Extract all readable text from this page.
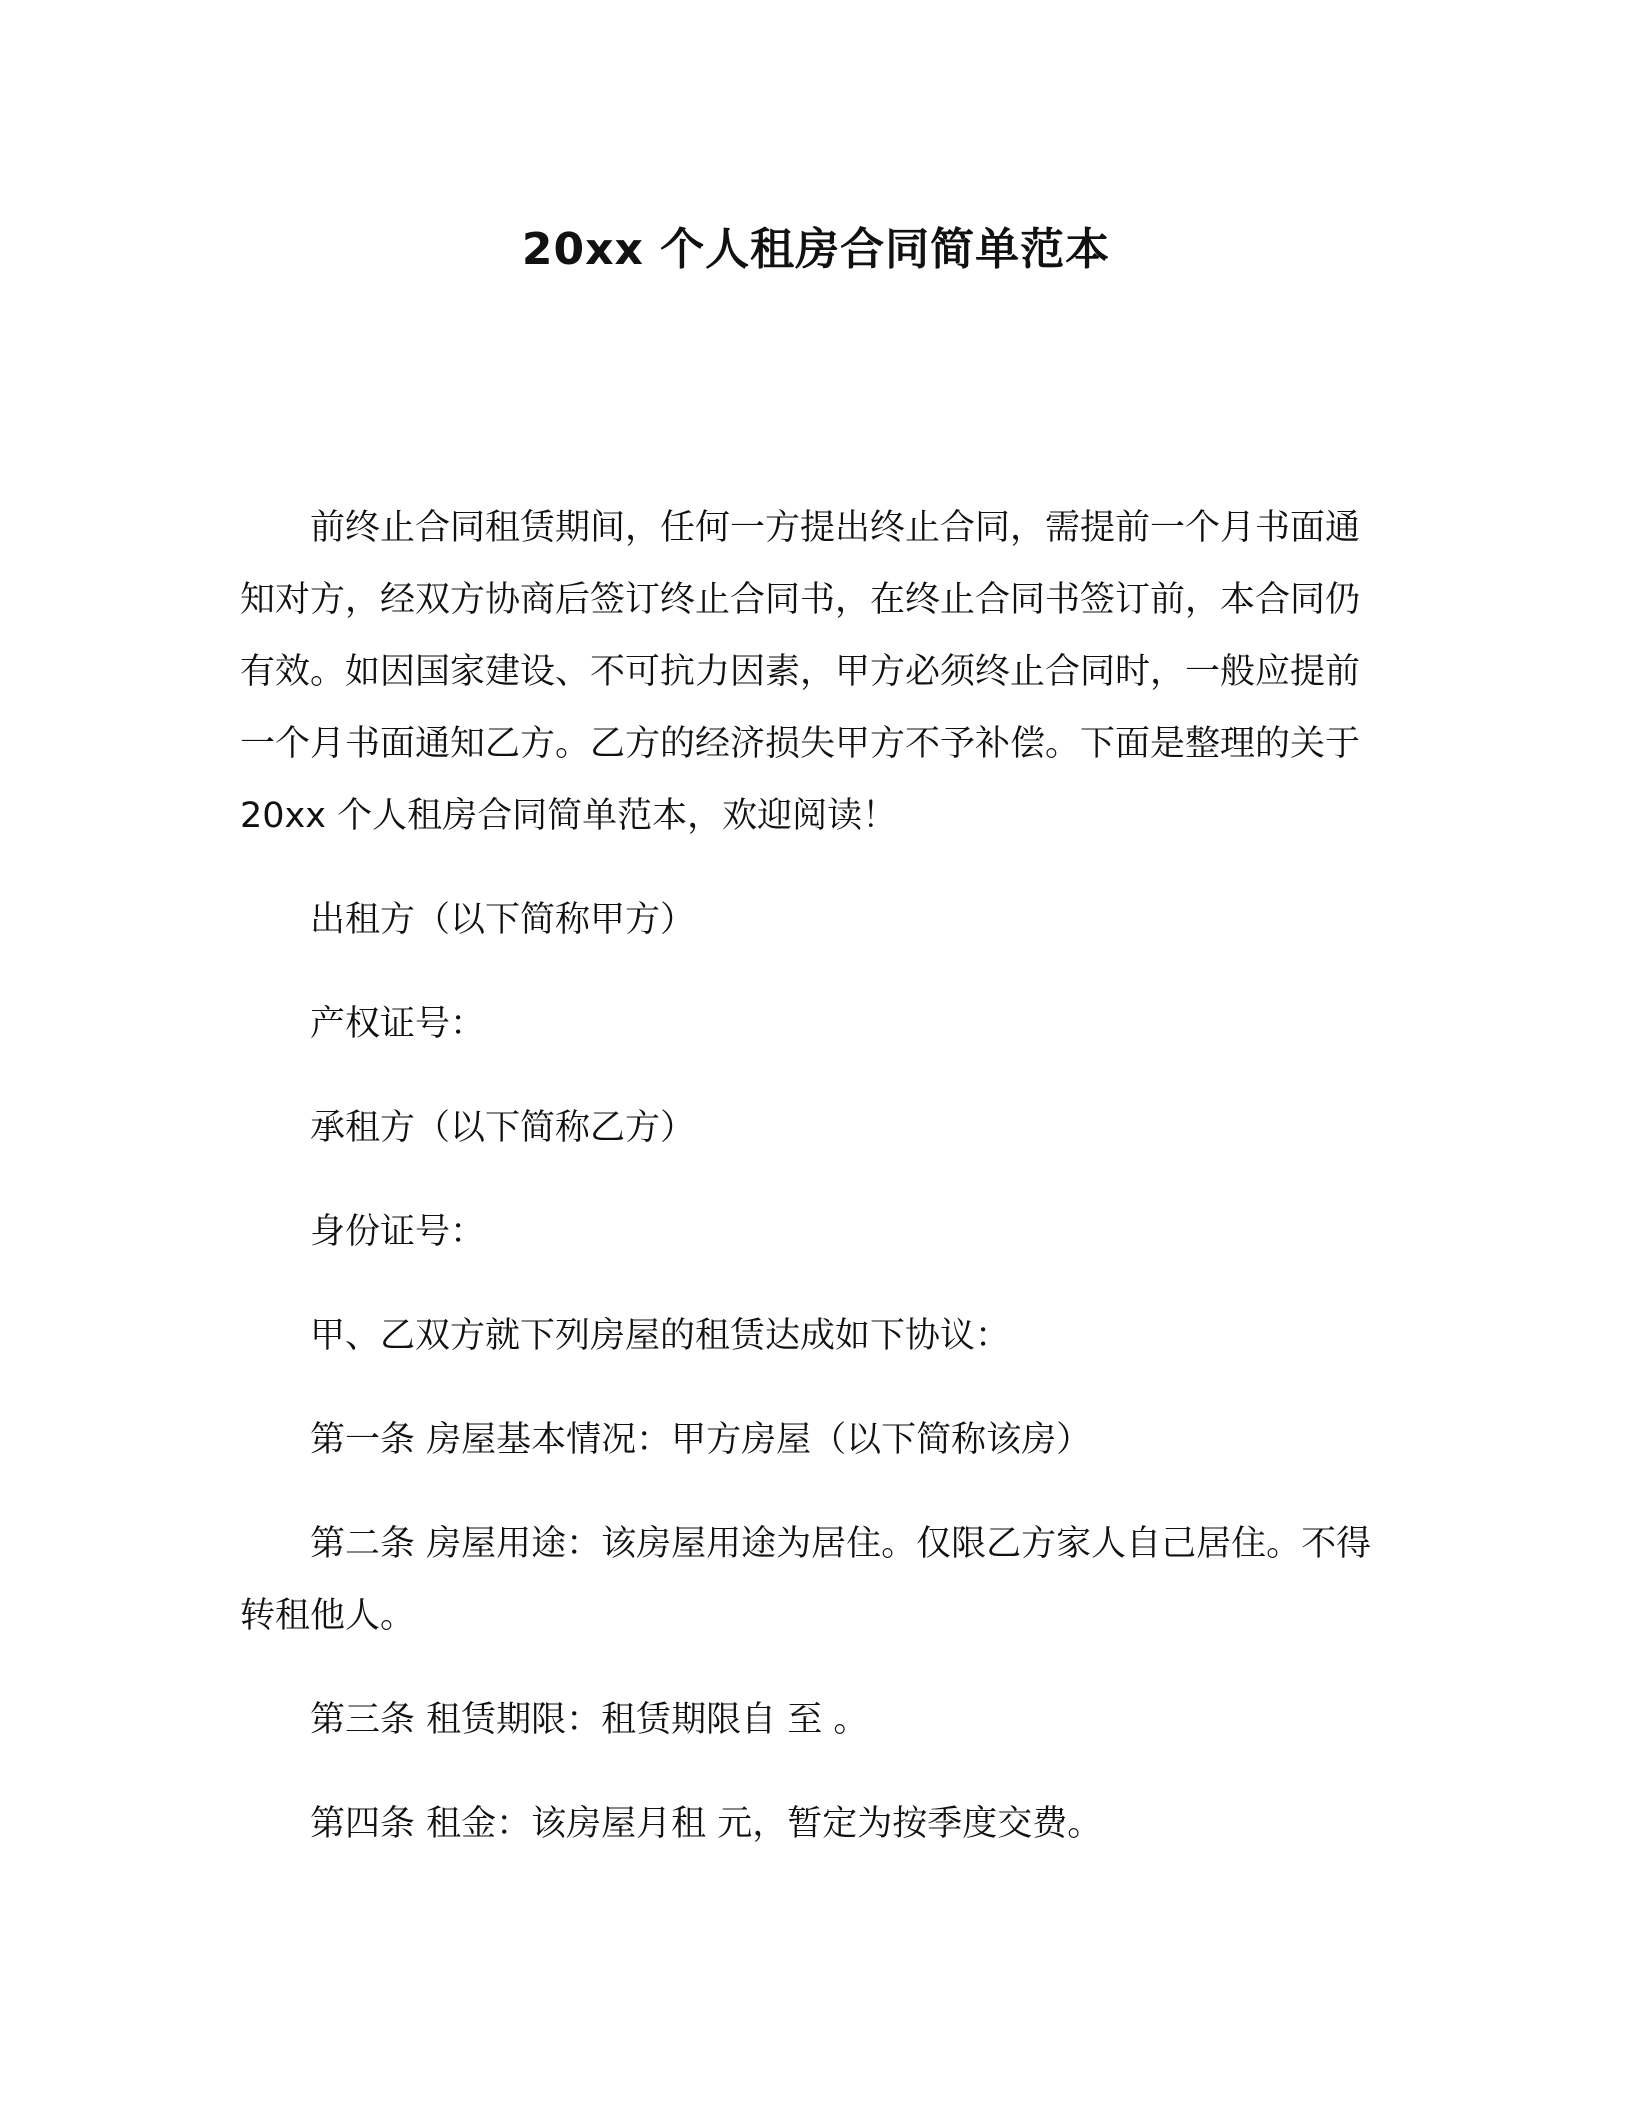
20xx 个人租房合同简单范本

前终止合同租赁期间，任何一方提出终止合同，需提前一个月书面通知对方，经双方协商后签订终止合同书，在终止合同书签订前，本合同仍有效。如因国家建设、不可抗力因素，甲方必须终止合同时，一般应提前一个月书面通知乙方。乙方的经济损失甲方不予补偿。下面是整理的关于 20xx 个人租房合同简单范本，欢迎阅读！

出租方（以下简称甲方）

产权证号：

承租方（以下简称乙方）

身份证号：

甲、乙双方就下列房屋的租赁达成如下协议：

第一条 房屋基本情况：甲方房屋（以下简称该房）

第二条 房屋用途：该房屋用途为居住。仅限乙方家人自己居住。不得转租他人。

第三条 租赁期限：租赁期限自 至 。

第四条 租金：该房屋月租 元，暂定为按季度交费。
